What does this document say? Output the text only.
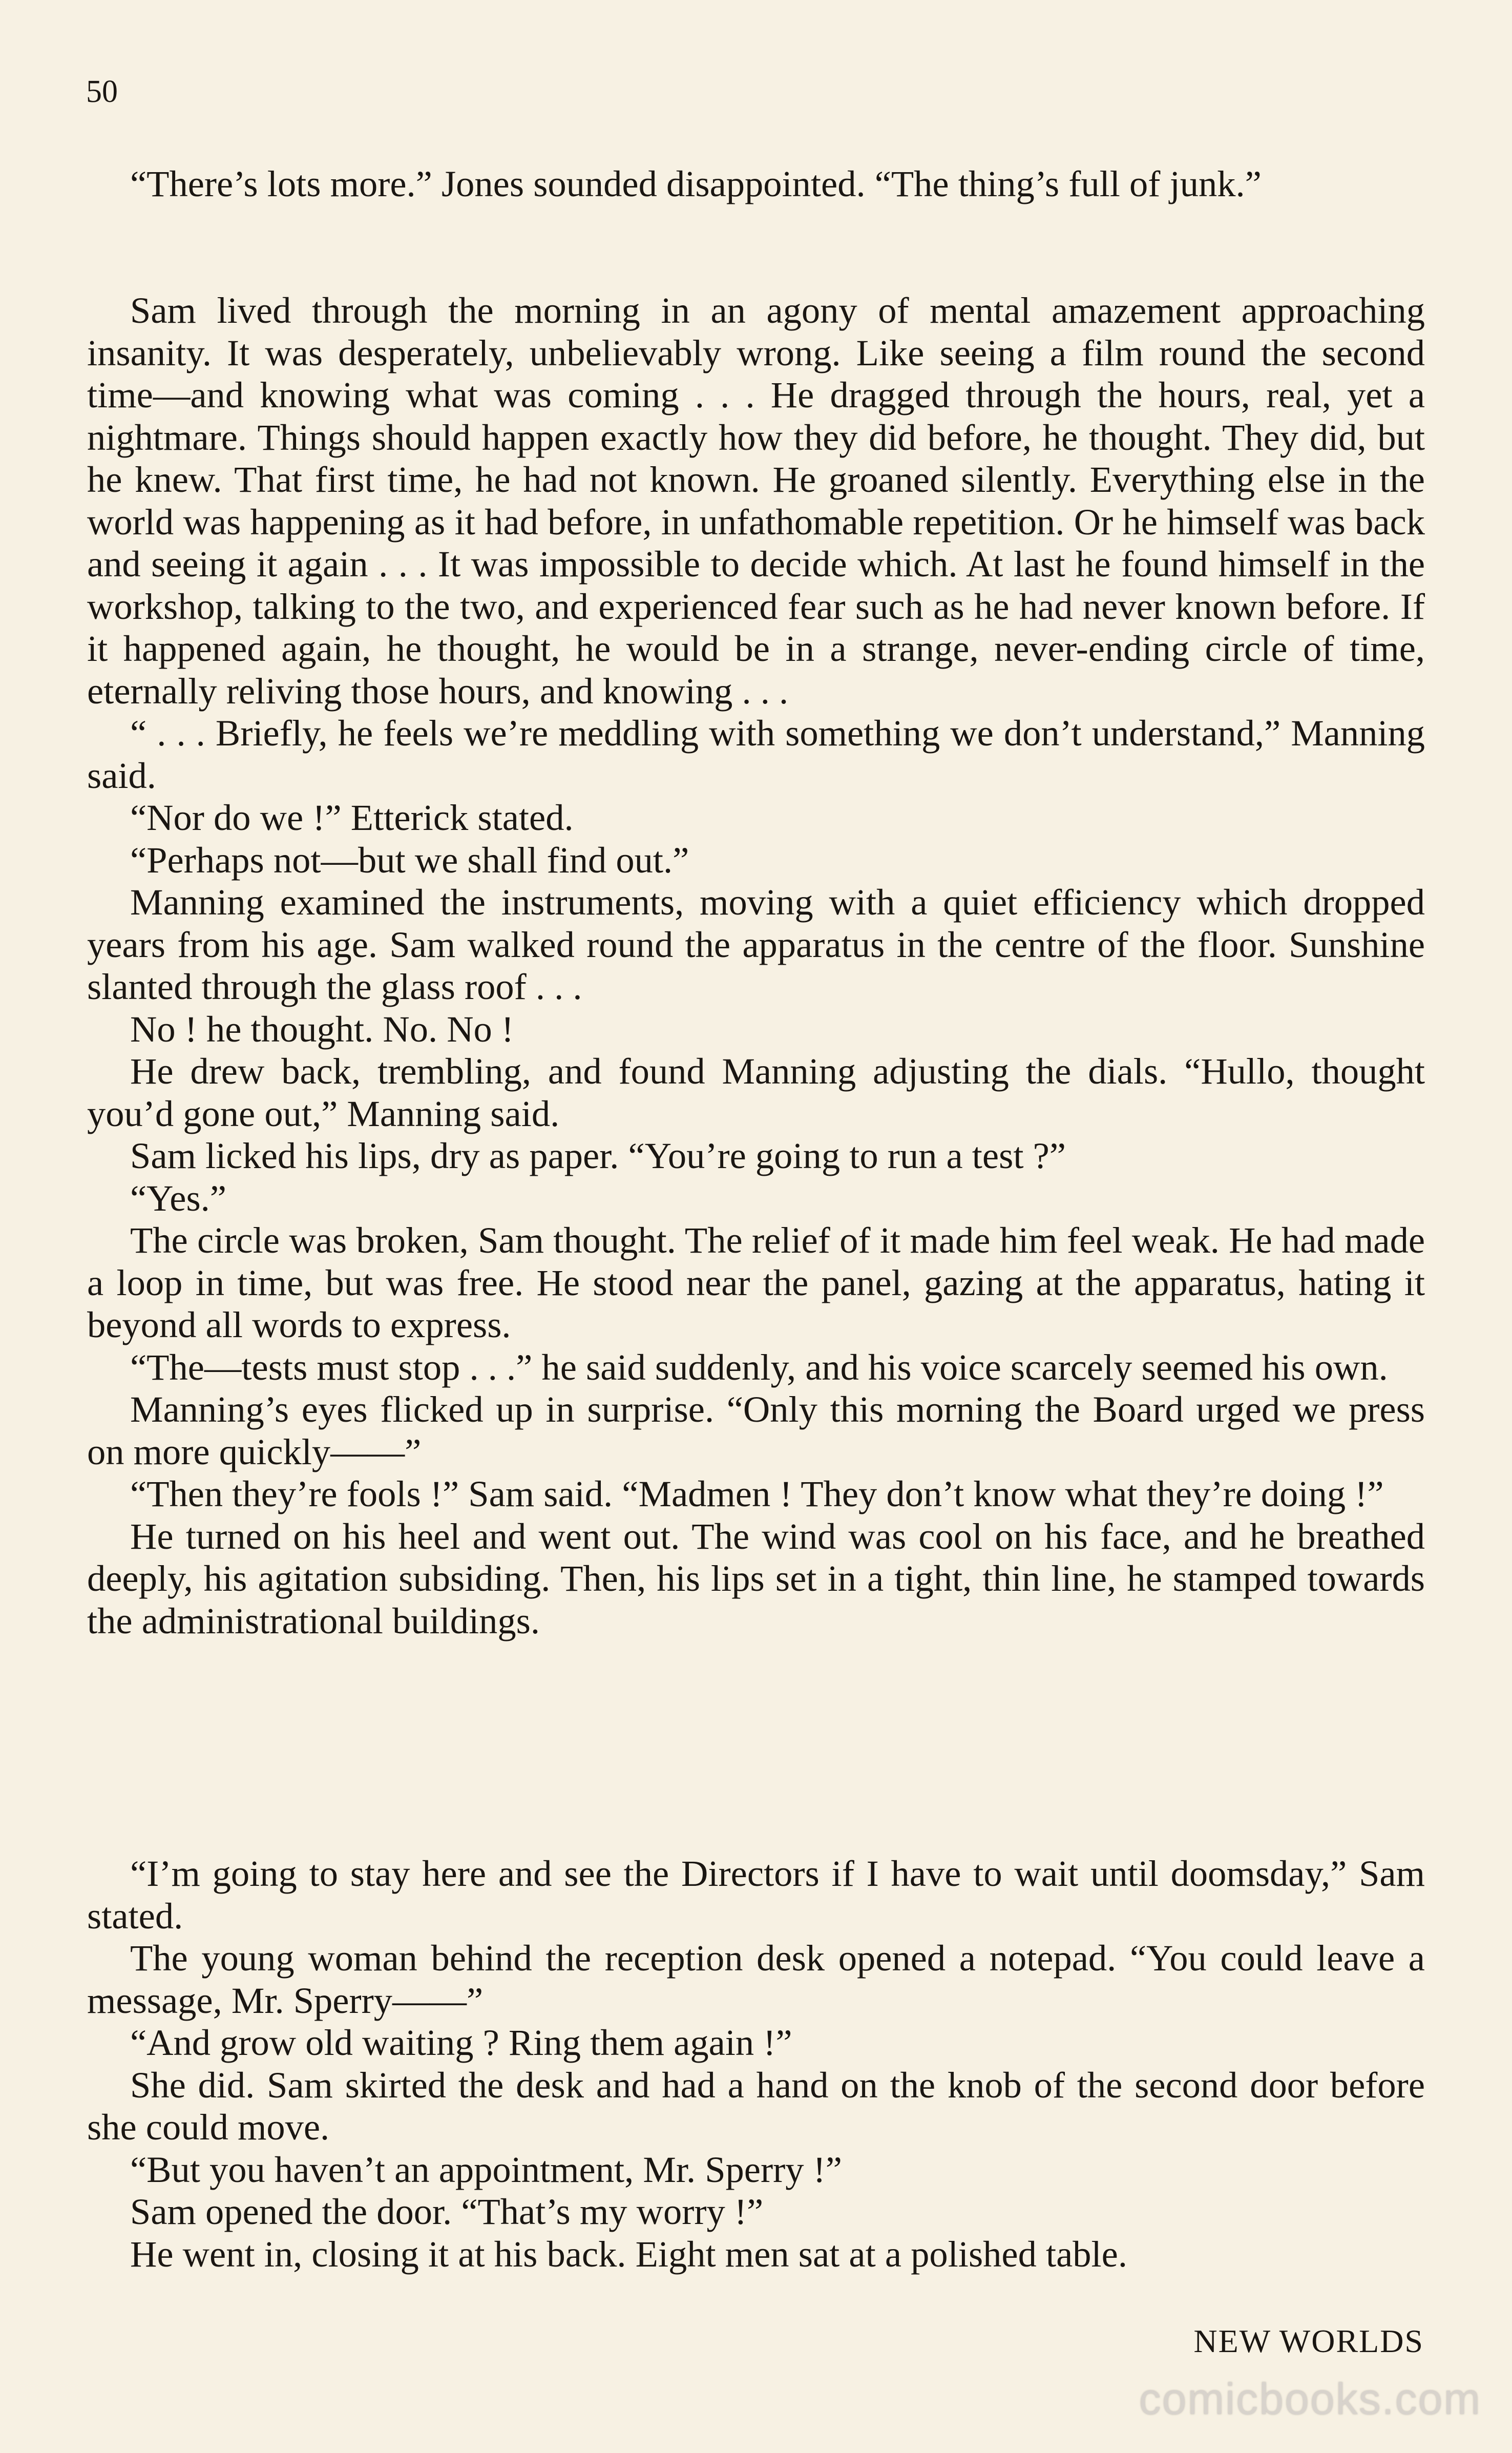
50

“There’s lots more.” Jones sounded disappointed. “The thing’s full of junk.”

Sam lived through the morning in an agony of mental amazement approaching insanity. It was desperately, unbelievably wrong. Like seeing a film round the second time—and knowing what was coming . . . He dragged through the hours, real, yet a nightmare. Things should happen exactly how they did before, he thought. They did, but he knew. That first time, he had not known. He groaned silently. Everything else in the world was happening as it had before, in unfathomable repetition. Or he himself was back and seeing it again . . . It was impossible to decide which. At last he found himself in the workshop, talking to the two, and experienced fear such as he had never known before. If it happened again, he thought, he would be in a strange, never-ending circle of time, eternally reliving those hours, and knowing . . .

“ . . . Briefly, he feels we’re meddling with something we don’t understand,” Manning said.

“Nor do we !” Etterick stated.

“Perhaps not—but we shall find out.”

Manning examined the instruments, moving with a quiet efficiency which dropped years from his age. Sam walked round the apparatus in the centre of the floor. Sunshine slanted through the glass roof . . .

No ! he thought. No. No !

He drew back, trembling, and found Manning adjusting the dials. “Hullo, thought you’d gone out,” Manning said.

Sam licked his lips, dry as paper. “You’re going to run a test ?”

“Yes.”

The circle was broken, Sam thought. The relief of it made him feel weak. He had made a loop in time, but was free. He stood near the panel, gazing at the apparatus, hating it beyond all words to express.

“The—tests must stop . . .” he said suddenly, and his voice scarcely seemed his own.

Manning’s eyes flicked up in surprise. “Only this morning the Board urged we press on more quickly——”

“Then they’re fools !” Sam said. “Madmen ! They don’t know what they’re doing !”

He turned on his heel and went out. The wind was cool on his face, and he breathed deeply, his agitation subsiding. Then, his lips set in a tight, thin line, he stamped towards the administrational buildings.

“I’m going to stay here and see the Directors if I have to wait until doomsday,” Sam stated.

The young woman behind the reception desk opened a notepad. “You could leave a message, Mr. Sperry——”

“And grow old waiting ? Ring them again !”

She did. Sam skirted the desk and had a hand on the knob of the second door before she could move.

“But you haven’t an appointment, Mr. Sperry !”

Sam opened the door. “That’s my worry !”

He went in, closing it at his back. Eight men sat at a polished table.

NEW WORLDS
comicbooks.com
